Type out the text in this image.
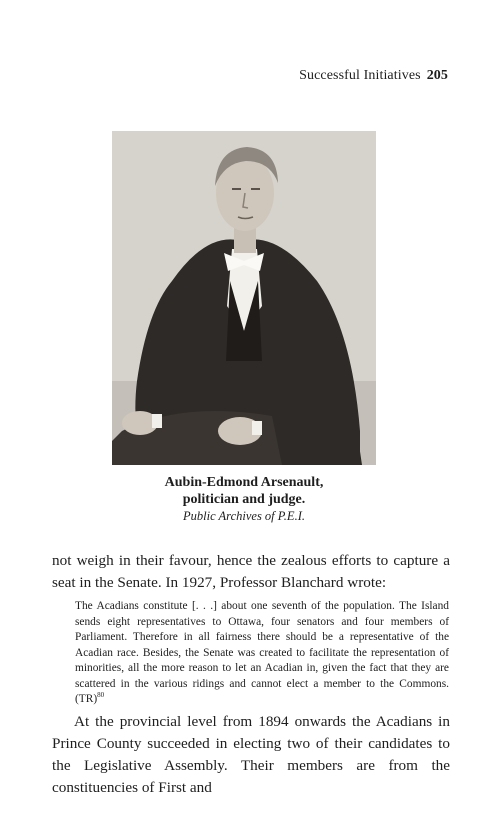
Successful Initiatives 205
Aubin-Edmond Arsenault,
politician and judge.
Public Archives of P.E.I.

not weigh in their favour, hence the zealous efforts to capture a seat in the Senate. In 1927, Professor Blanchard wrote:

The Acadians constitute [. . .] about one seventh of the population. The Island sends eight representatives to Ottawa, four senators and four members of Parliament. Therefore in all fairness there should be a representative of the Acadian race. Besides, the Senate was created to facilitate the representation of minorities, all the more reason to let an Acadian in, given the fact that they are scattered in the various ridings and cannot elect a member to the Commons. (TR)$^{80}$

At the provincial level from 1894 onwards the Acadians in Prince County succeeded in electing two of their candidates to the Legislative Assembly. Their members are from the constituencies of First and
